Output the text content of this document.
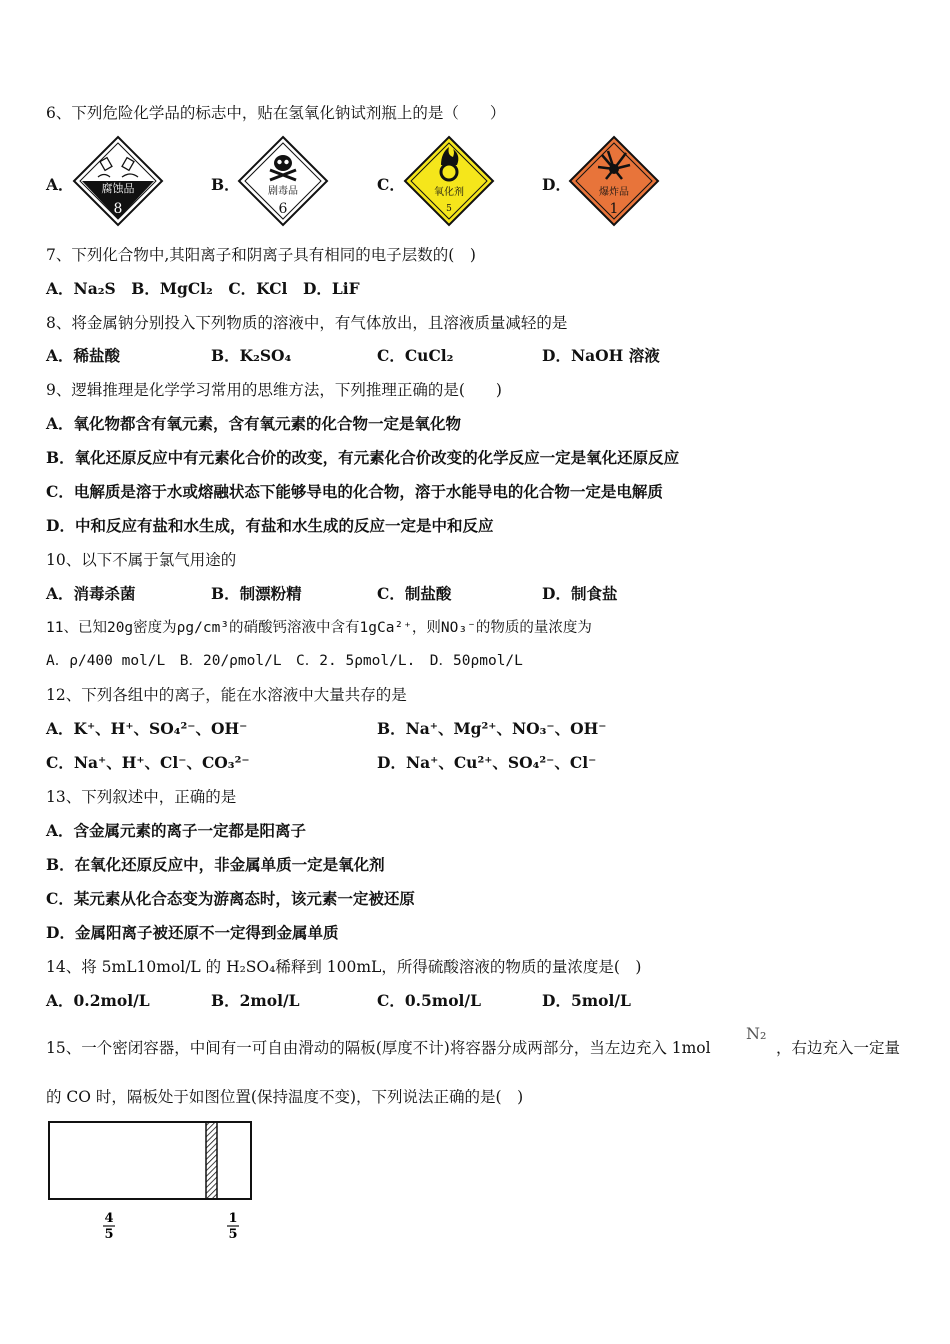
6、下列危险化学品的标志中，贴在氢氧化钠试剂瓶上的是（　　）
A．	腐蚀品
8
B．	剧毒品
6
C．	氧化剂
5
D．	爆炸品
1
7、下列化合物中,其阳离子和阴离子具有相同的电子层数的(　)
A．Na₂S　B．MgCl₂　C．KCl　D．LiF
8、将金属钠分别投入下列物质的溶液中，有气体放出，且溶液质量减轻的是
A．稀盐酸	B．K₂SO₄	C．CuCl₂	D．NaOH 溶液
9、逻辑推理是化学学习常用的思维方法，下列推理正确的是(　　)
A．氧化物都含有氧元素，含有氧元素的化合物一定是氧化物
B．氧化还原反应中有元素化合价的改变，有元素化合价改变的化学反应一定是氧化还原反应
C．电解质是溶于水或熔融状态下能够导电的化合物，溶于水能导电的化合物一定是电解质
D．中和反应有盐和水生成，有盐和水生成的反应一定是中和反应
10、以下不属于氯气用途的
A．消毒杀菌	B．制漂粉精	C．制盐酸	D．制食盐
11、已知20g密度为ρg/cm³的硝酸钙溶液中含有1gCa²⁺，则NO₃⁻的物质的量浓度为
A．ρ/400 mol/L　B．20/ρmol/L　C．2. 5ρmol/L.　D．50ρmol/L
12、下列各组中的离子，能在水溶液中大量共存的是
A．K⁺、H⁺、SO₄²⁻、OH⁻	B．Na⁺、Mg²⁺、NO₃⁻、OH⁻
C．Na⁺、H⁺、Cl⁻、CO₃²⁻	D．Na⁺、Cu²⁺、SO₄²⁻、Cl⁻
13、下列叙述中，正确的是
A．含金属元素的离子一定都是阳离子
B．在氧化还原反应中，非金属单质一定是氧化剂
C．某元素从化合态变为游离态时，该元素一定被还原
D．金属阳离子被还原不一定得到金属单质
14、将 5mL10mol/L 的 H₂SO₄稀释到 100mL，所得硫酸溶液的物质的量浓度是(　)
A．0.2mol/L	B．2mol/L	C．0.5mol/L	D．5mol/L
15、一个密闭容器，中间有一可自由滑动的隔板(厚度不计)将容器分成两部分，当左边充入 1mol
N₂
，右边充入一定量
的 CO 时，隔板处于如图位置(保持温度不变)，下列说法正确的是(　)
4
5
1
5
